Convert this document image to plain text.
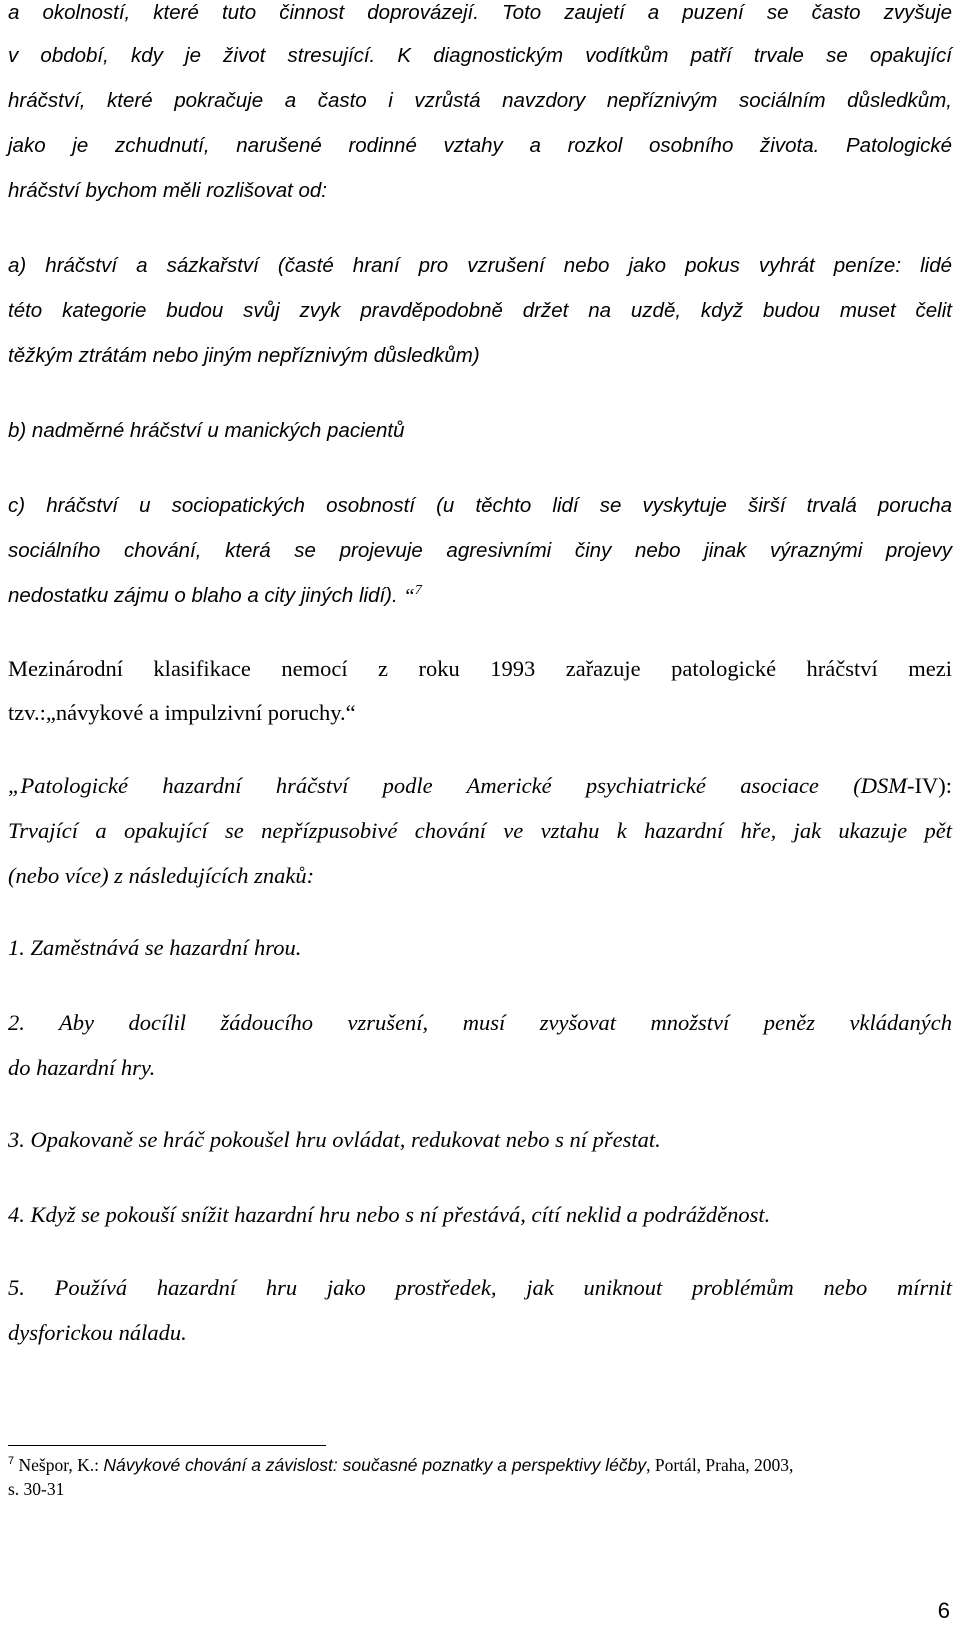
a okolností, které tuto činnost doprovázejí. Toto zaujetí a puzení se často zvyšuje
v období, kdy je život stresující. K diagnostickým vodítkům patří trvale se opakující
hráčství, které pokračuje a často i vzrůstá navzdory nepříznivým sociálním důsledkům,
jako je zchudnutí, narušené rodinné vztahy a rozkol osobního života. Patologické
hráčství bychom měli rozlišovat od:
a) hráčství a sázkařství (časté hraní pro vzrušení nebo jako pokus vyhrát peníze: lidé
této kategorie budou svůj zvyk pravděpodobně držet na uzdě, když budou muset čelit
těžkým ztrátám nebo jiným nepříznivým důsledkům)
b) nadměrné hráčství u manických pacientů
c) hráčství u sociopatických osobností (u těchto lidí se vyskytuje širší trvalá porucha
sociálního chování, která se projevuje agresivními činy nebo jinak výraznými projevy
nedostatku zájmu o blaho a city jiných lidí). “$^7$
Mezinárodní klasifikace nemocí z roku 1993 zařazuje patologické hráčství mezi
tzv.:„návykové a impulzivní poruchy.“
„Patologické hazardní hráčství podle Americké psychiatrické asociace (DSM-IV):
Trvající a opakující se nepřízpusobivé chování ve vztahu k hazardní hře, jak ukazuje pět
(nebo více) z následujících znaků:
1. Zaměstnává se hazardní hrou.
2. Aby docílil žádoucího vzrušení, musí zvyšovat množství peněz vkládaných
do hazardní hry.
3. Opakovaně se hráč pokoušel hru ovládat, redukovat nebo s ní přestat.
4. Když se pokouší snížit hazardní hru nebo s ní přestává, cítí neklid a podrážděnost.
5. Používá hazardní hru jako prostředek, jak uniknout problémům nebo mírnit
dysforickou náladu.
$^7$ Nešpor, K.: Návykové chování a závislost: současné poznatky a perspektivy léčby, Portál, Praha, 2003,
s. 30-31
6
